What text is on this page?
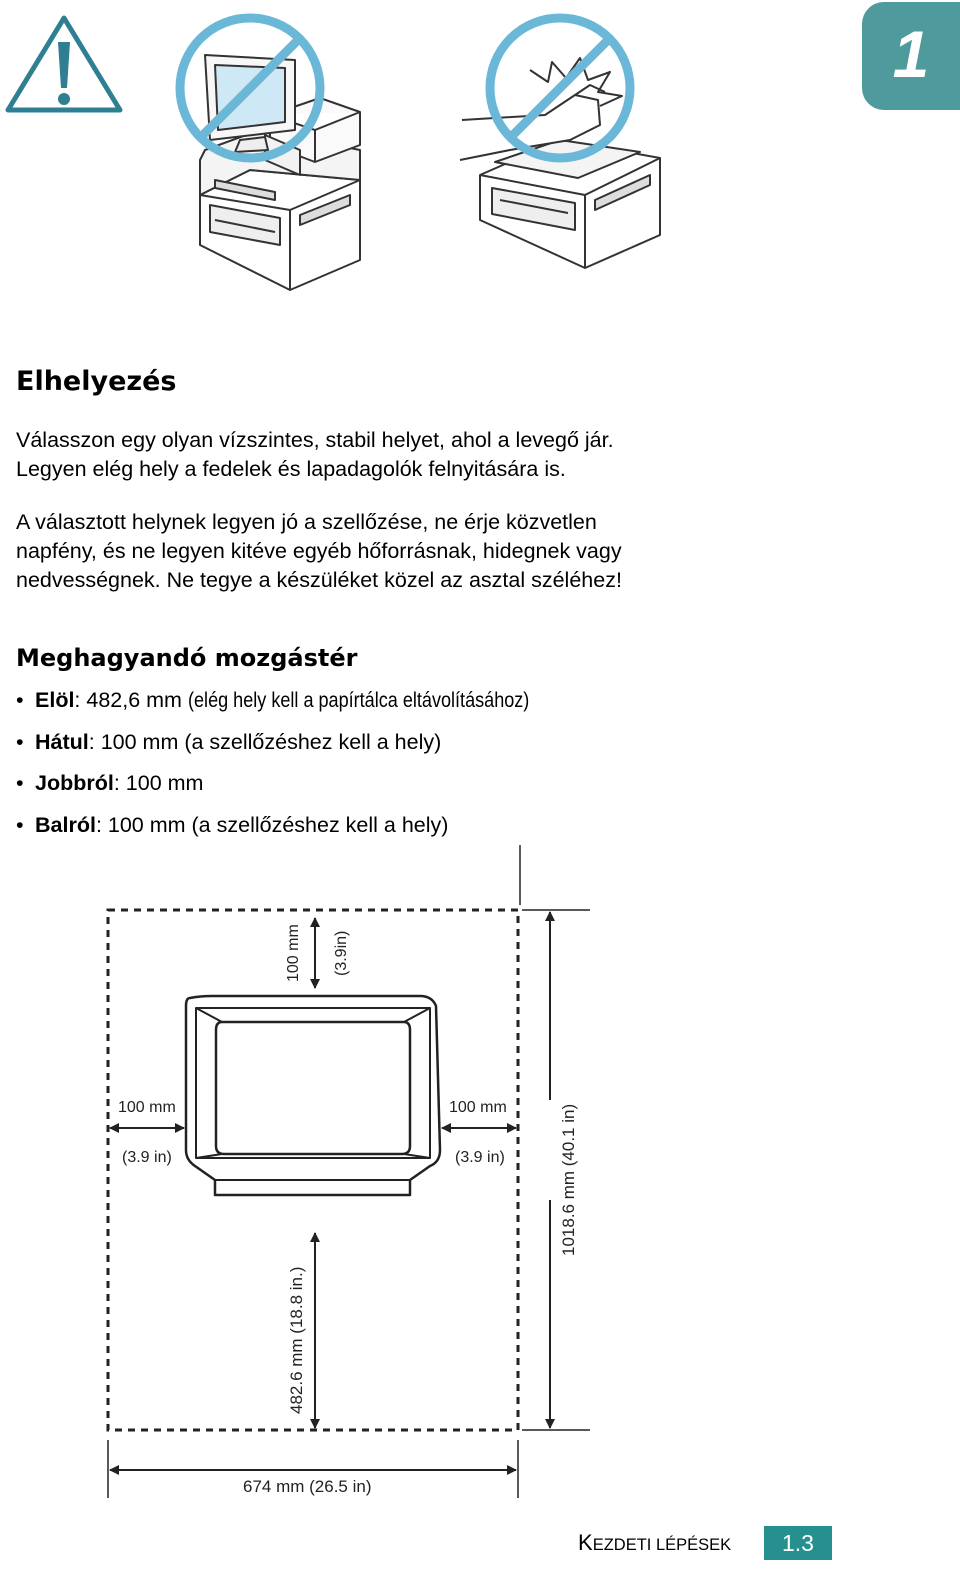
1
Elhelyezés

Válasszon egy olyan vízszintes, stabil helyet, ahol a levegő jár.
Legyen elég hely a fedelek és lapadagolók felnyitására is.

A választott helynek legyen jó a szellőzése, ne érje közvetlen
napfény, és ne legyen kitéve egyéb hőforrásnak, hidegnek vagy
nedvességnek. Ne tegye a készüléket közel az asztal széléhez!

Meghagyandó mozgástér
• Elöl: 482,6 mm (elég hely kell a papírtálca eltávolításához)
• Hátul: 100 mm (a szellőzéshez kell a hely)
• Jobbról: 100 mm
• Balról: 100 mm (a szellőzéshez kell a hely)
100 mm (3.9in)
100 mm
(3.9 in)
100 mm
(3.9 in)
482.6 mm (18.8 in.)
1018.6 mm (40.1 in)
674 mm (26.5 in)
KEZDETI LÉPÉSEK	1.3
